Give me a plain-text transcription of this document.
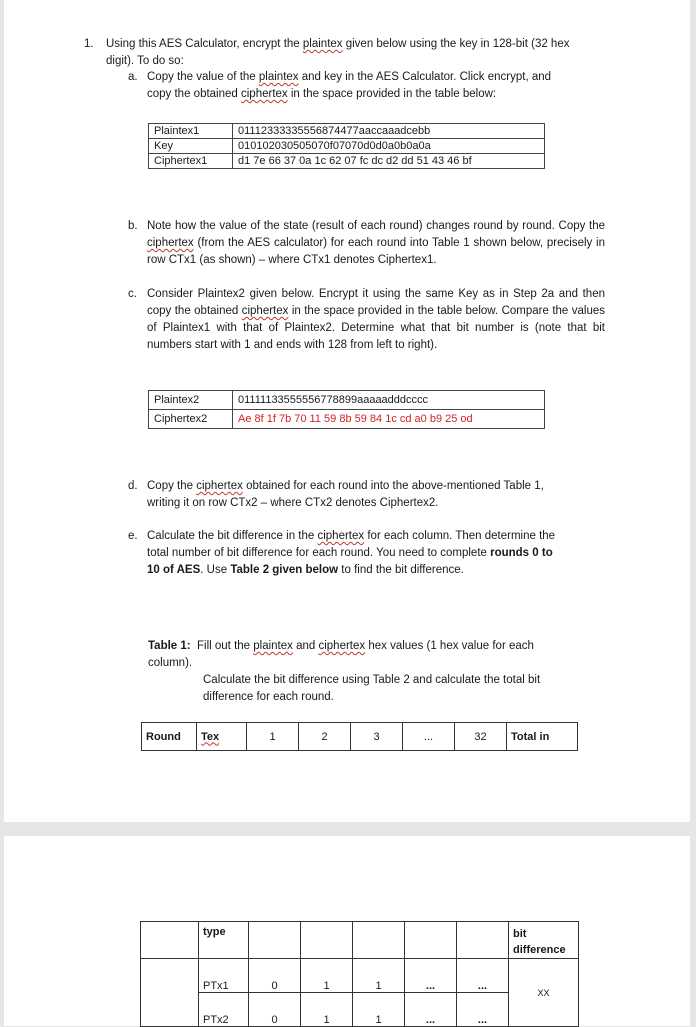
1. Using this AES Calculator, encrypt the plaintex given below using the key in 128-bit (32 hex
digit). To do so:
a. Copy the value of the plaintex and key in the AES Calculator. Click encrypt, and
copy the obtained ciphertex in the space provided in the table below:
Plaintex1	01112333335556874477aaccaaadcebb
Key	010102030505070f07070d0d0a0b0a0a
Ciphertex1	d1 7e 66 37 0a 1c 62 07 fc dc d2 dd 51 43 46 bf
b. Note how the value of the state (result of each round) changes round by round. Copy the ciphertex (from the AES calculator) for each round into Table 1 shown below, precisely in row CTx1 (as shown) – where CTx1 denotes Ciphertex1.
c. Consider Plaintex2 given below. Encrypt it using the same Key as in Step 2a and then copy the obtained ciphertex in the space provided in the table below. Compare the values of Plaintex1 with that of Plaintex2. Determine what that bit number is (note that bit numbers start with 1 and ends with 128 from left to right).
Plaintex2	01111133555556778899aaaaadddcccc
Ciphertex2	Ae 8f 1f 7b 70 11 59 8b 59 84 1c cd a0 b9 25 od
d. Copy the ciphertex obtained for each round into the above-mentioned Table 1,
writing it on row CTx2 – where CTx2 denotes Ciphertex2.
e. Calculate the bit difference in the ciphertex for each column. Then determine the
total number of bit difference for each round. You need to complete rounds 0 to
10 of AES. Use Table 2 given below to find the bit difference.
Table 1: Fill out the plaintex and ciphertex hex values (1 hex value for each
column).
Calculate the bit difference using Table 2 and calculate the total bit
difference for each round.
Round	Tex	1	2	3	...	32	Total in
	type						bit difference
	PTx1	0	1	1	...	...	XX
	PTx2	0	1	1	...	...	
